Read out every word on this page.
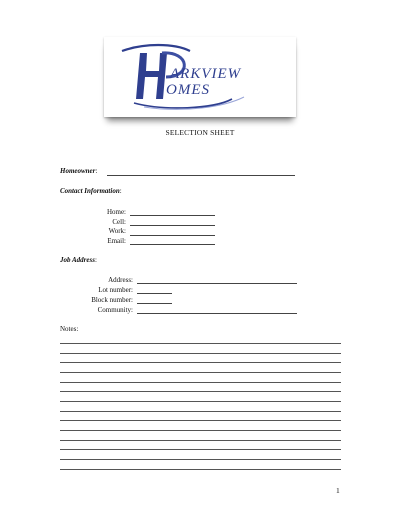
ARKVIEW
OMES
SELECTION SHEET
Homeowner:
Contact Information:
Home:
Cell:
Work:
Email:
Job Address:
Address:
Lot number:
Block number:
Community:
Notes:
1
